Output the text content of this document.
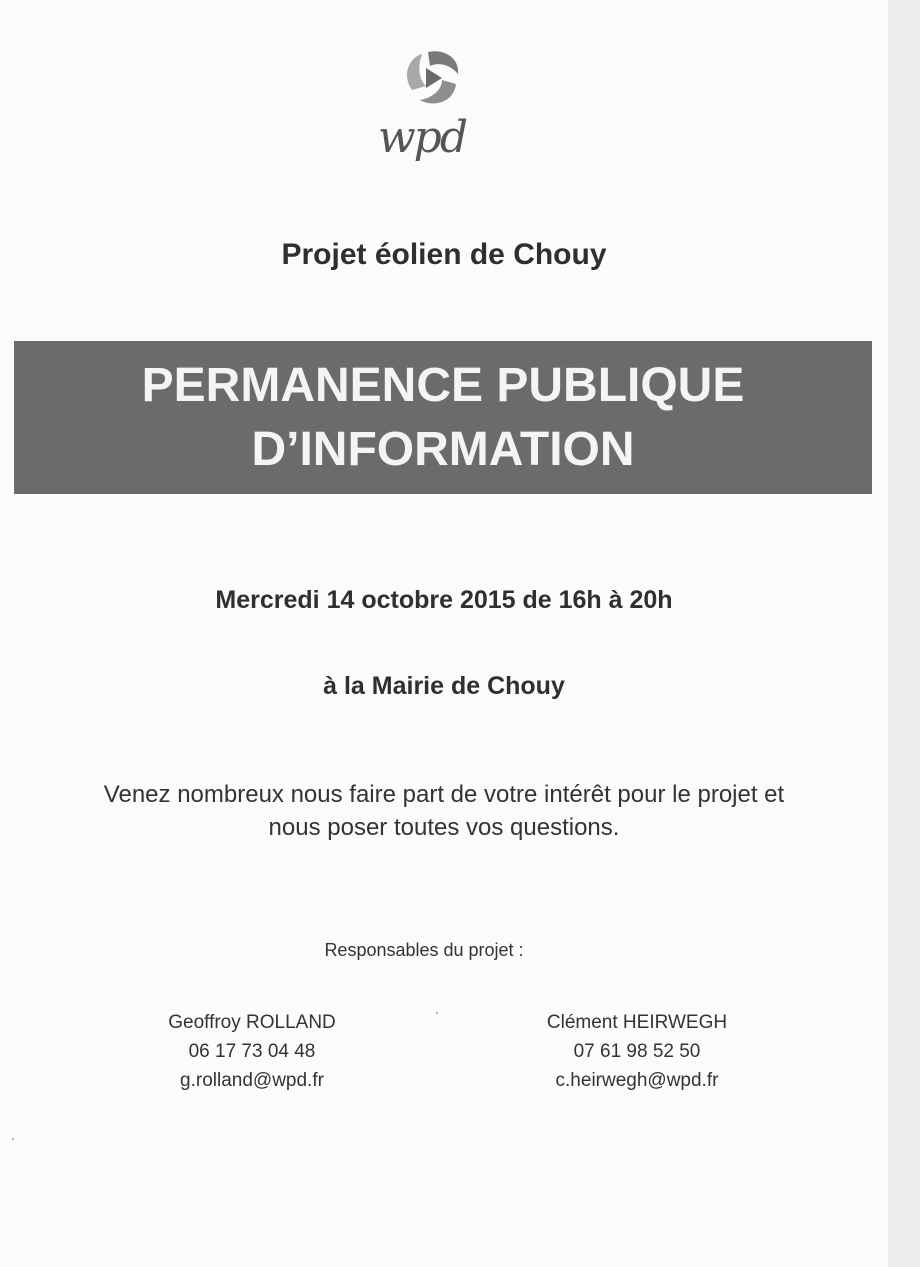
wpd
Projet éolien de Chouy
PERMANENCE PUBLIQUE
D’INFORMATION
Mercredi 14 octobre 2015 de 16h à 20h
à la Mairie de Chouy
Venez nombreux nous faire part de votre intérêt pour le projet et
nous poser toutes vos questions.
Responsables du projet :
Geoffroy ROLLAND
06 17 73 04 48
g.rolland@wpd.fr
Clément HEIRWEGH
07 61 98 52 50
c.heirwegh@wpd.fr
